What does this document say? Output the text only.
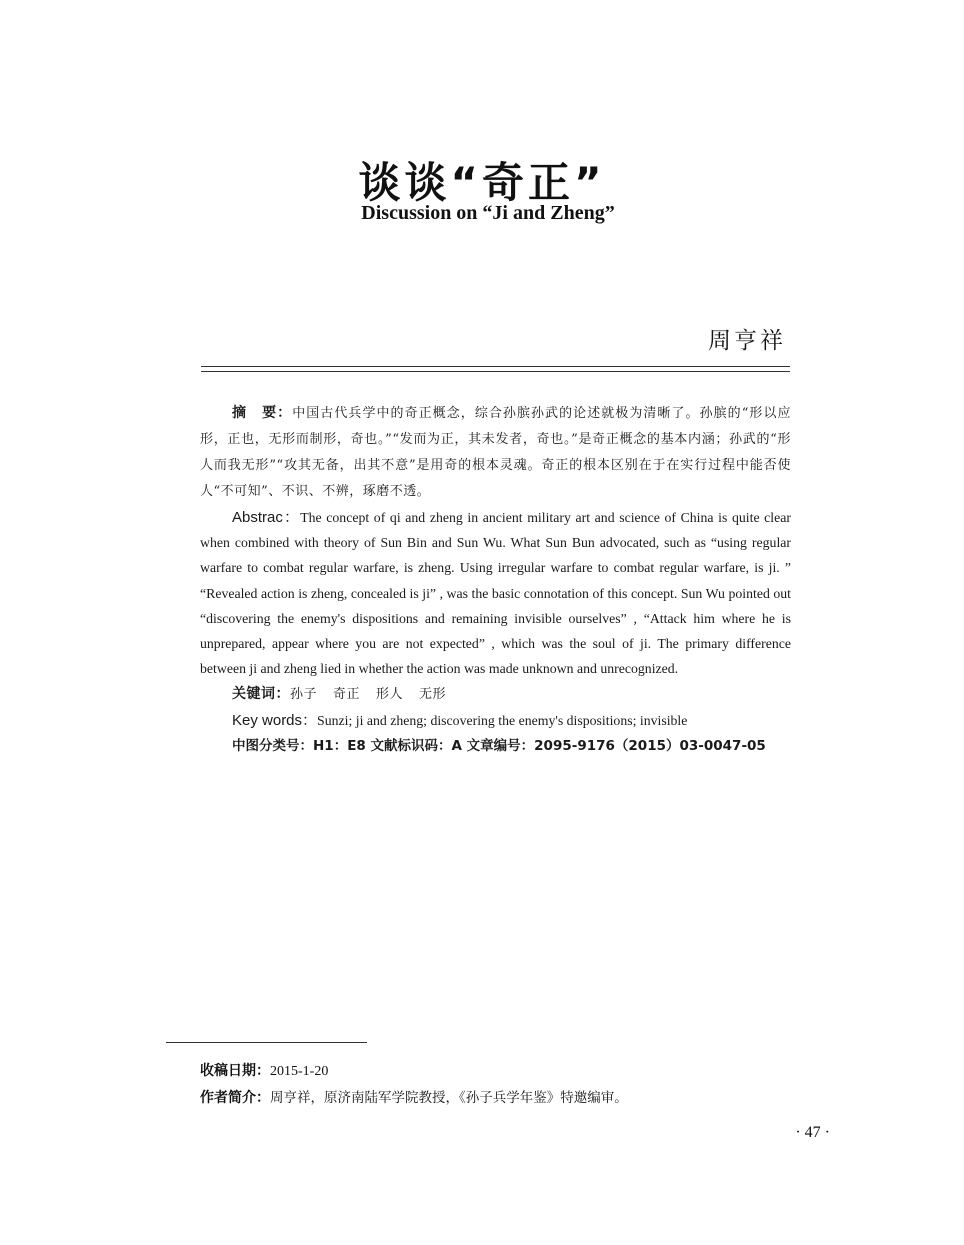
谈谈“奇正”
Discussion on “Ji and Zheng”
周亨祥

摘　要：中国古代兵学中的奇正概念，综合孙膑孙武的论述就极为清晰了。孙膑的“形以应形，正也，无形而制形，奇也。”“发而为正，其未发者，奇也。”是奇正概念的基本内涵；孙武的“形人而我无形”“攻其无备，出其不意”是用奇的根本灵魂。奇正的根本区别在于在实行过程中能否使人“不可知”、不识、不辨，琢磨不透。

Abstrac：The concept of qi and zheng in ancient military art and science of China is quite clear when combined with theory of Sun Bin and Sun Wu. What Sun Bun advocated, such as “using regular warfare to combat regular warfare, is zheng. Using irregular warfare to combat regular warfare, is ji. ” “Revealed action is zheng, concealed is ji” , was the basic connotation of this concept. Sun Wu pointed out “discovering the enemy's dispositions and remaining invisible ourselves” , “Attack him where he is unprepared, appear where you are not expected” , which was the soul of ji. The primary difference between ji and zheng lied in whether the action was made unknown and unrecognized.

关键词：孙子 奇正 形人 无形

Key words：Sunzi; ji and zheng; discovering the enemy's dispositions; invisible

中图分类号：H1：E8 文献标识码：A 文章编号：2095-9176（2015）03-0047-05

收稿日期：2015-1-20
作者简介：周亨祥，原济南陆军学院教授，《孙子兵学年鉴》特邀编审。
· 47 ·
